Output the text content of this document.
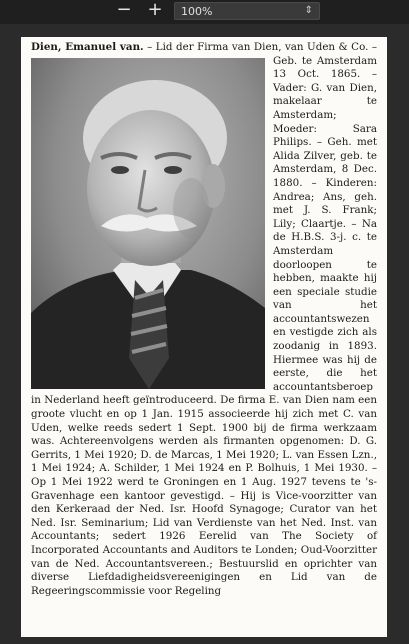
− +	100%	⇕
Dien, Emanuel van.
– Lid der Firma van Dien, van Uden & Co. – Geb. te Amsterdam 13 Oct. 1865. – Vader: G. van Dien, makelaar te Amsterdam; Moeder: Sara Philips. – Geh. met Alida Zilver, geb. te Amsterdam, 8 Dec. 1880. – Kinderen: Andrea; Ans, geh. met J. S. Frank; Lily; Claartje. – Na de H.B.S. 3-j. c. te Amsterdam doorloopen te hebben, maakte hij een speciale studie van het accountantswezen en vestigde zich als zoodanig in 1893. Hiermee was hij de eerste, die het accountantsberoep in Nederland heeft geïntroduceerd. De firma E. van Dien nam een groote vlucht en op 1 Jan. 1915 associeerde hij zich met C. van Uden, welke reeds sedert 1 Sept. 1900 bij de firma werkzaam was. Achtereenvolgens werden als firmanten opgenomen: D. G. Gerrits, 1 Mei 1920; D. de Marcas, 1 Mei 1920; L. van Essen Lzn., 1 Mei 1924; A. Schilder, 1 Mei 1924 en P. Bolhuis, 1 Mei 1930. – Op 1 Mei 1922 werd te Groningen en 1 Aug. 1927 tevens te 's-Gravenhage een kantoor gevestigd. – Hij is Vice-voorzitter van den Kerkeraad der Ned. Isr. Hoofd Synagoge; Curator van het Ned. Isr. Seminarium; Lid van Verdienste van het Ned. Inst. van Accountants; sedert 1926 Eerelid van The Society of Incorporated Accountants and Auditors te Londen; Oud-Voorzitter van de Ned. Accountantsvereen.; Bestuurslid en oprichter van diverse Liefdadigheidsvereenigingen en Lid van de Regeeringscommissie voor Regeling
